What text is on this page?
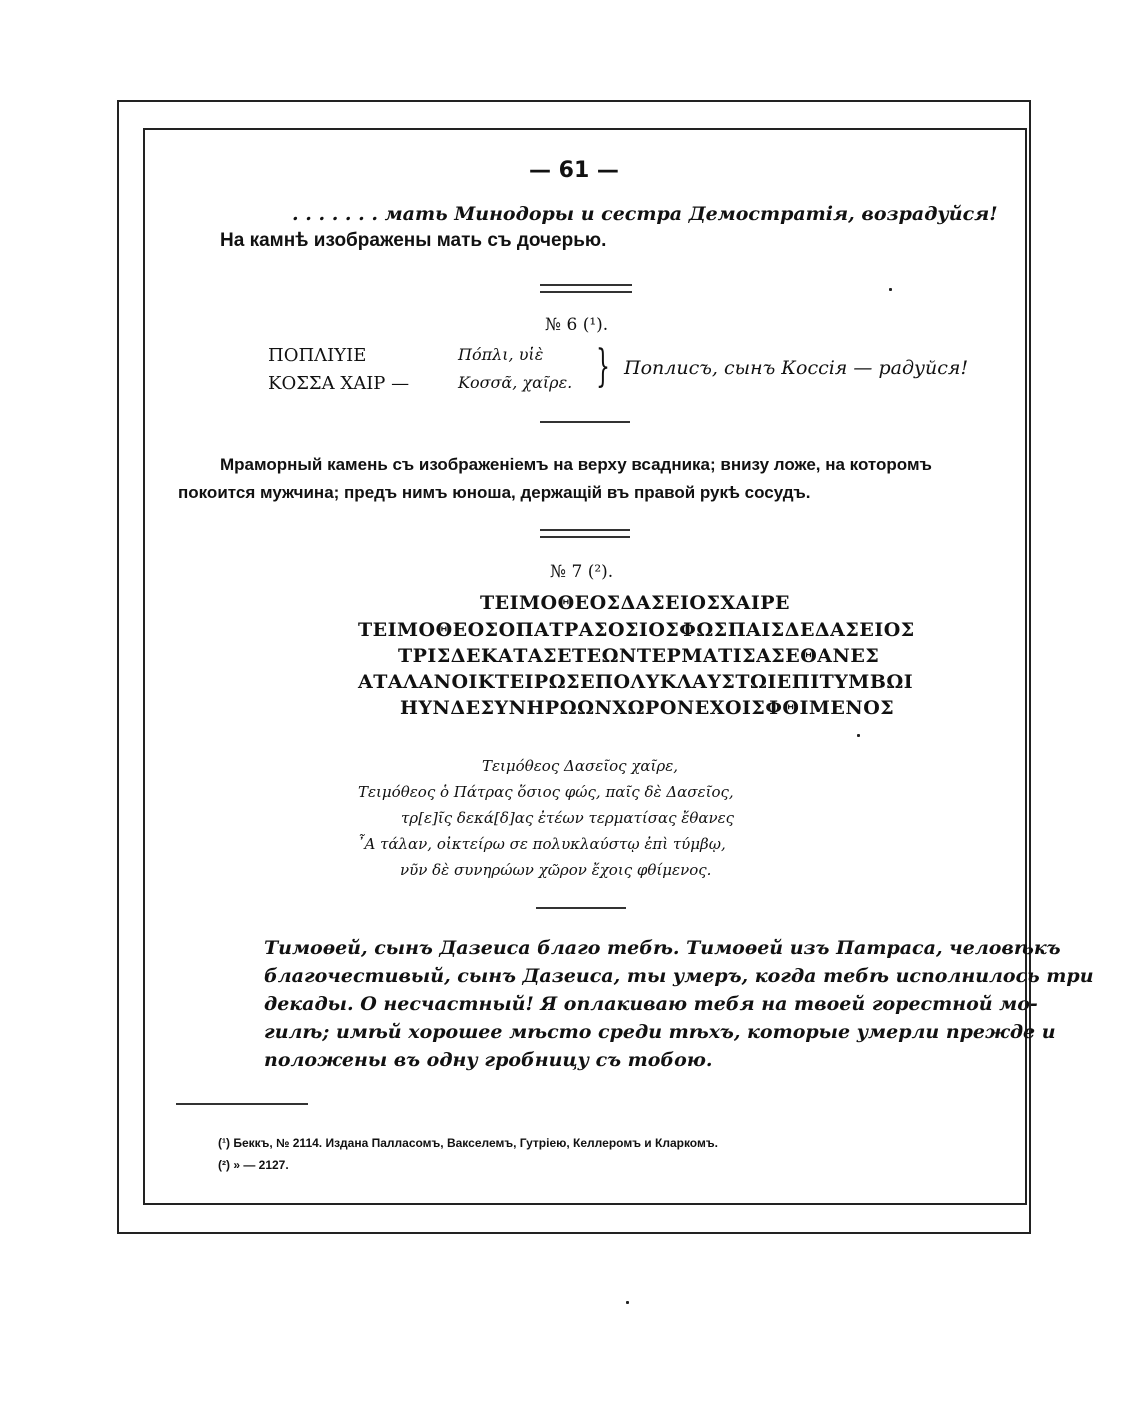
— 61 —
. . . . . . . мать Минодоры и сестра Демостратія, возрадуйся!
На камнѣ изображены мать съ дочерью.
№ 6 (¹).
ΠΟΠΛΙΥΙΕ
ΚΟΣΣΑ ΧΑΙΡ —
Πόπλι, υἱὲ
Κοσσᾶ, χαῖρε. } Поплисъ, сынъ Коссія — радуйся!
Мраморный камень съ изображеніемъ на верху всадника; внизу ложе, на которомъ
покоится мужчина; предъ нимъ юноша, держащій въ правой рукѣ сосудъ.
№ 7 (²).
ΤΕΙΜΟΘΕΟΣΔΑΣΕΙΟΣΧΑΙΡΕ
ΤΕΙΜΟΘΕΟΣΟΠΑΤΡΑΣΟΣΙΟΣΦΩΣΠΑΙΣΔΕΔΑΣΕΙΟΣ
ΤΡΙΣΔΕΚΑΤΑΣΕΤΕΩΝΤΕΡΜΑΤΙΣΑΣΕΘΑΝΕΣ
ΑΤΑΛΑΝΟΙΚΤΕΙΡΩΣΕΠΟΛΥΚΛΑΥΣΤΩΙΕΠΙΤΥΜΒΩΙ
ΗΥΝΔΕΣΥΝΗΡΩΩΝΧΩΡΟΝΕΧΟΙΣΦΘΙΜΕΝΟΣ
Τειμόθεος Δασεῖος χαῖρε,
Τειμόθεος ὁ Πάτρας ὅσιος φώς, παῖς δὲ Δασεῖος,
τρ[ε]ῖς δεκά[δ]ας ἐτέων τερματίσας ἔθανες
῏Α τάλαν, οἰκτείρω σε πολυκλαύστῳ ἐπὶ τύμβῳ,
νῦν δὲ συνηρώων χῶρον ἔχοις φθίμενος.
Тимоѳей, сынъ Дазеиса благо тебѣ. Тимоѳей изъ Патраса, человѣкъ
благочестивый, сынъ Дазеиса, ты умеръ, когда тебѣ исполнилось три
декады. О несчастный! Я оплакиваю тебя на твоей горестной мо-
гилѣ; имѣй хорошее мѣсто среди тѣхъ, которые умерли прежде и
положены въ одну гробницу съ тобою.
(¹) Беккъ, № 2114. Издана Палласомъ, Вакселемъ, Гутріею, Келлеромъ и Кларкомъ.
(²) » — 2127.
